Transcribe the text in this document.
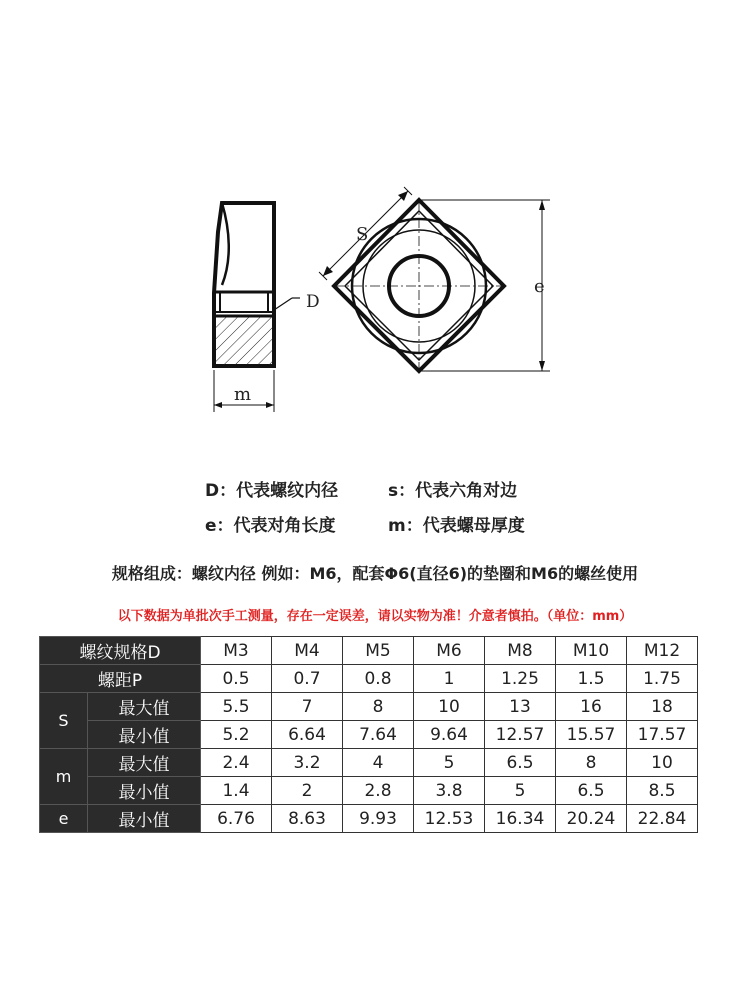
D
m
S
e
D：代表螺纹内径	s：代表六角对边
e：代表对角长度	m：代表螺母厚度
规格组成：螺纹内径 例如：M6，配套Φ6(直径6)的垫圈和M6的螺丝使用
以下数据为单批次手工测量，存在一定误差，请以实物为准！介意者慎拍。（单位：mm）
螺纹规格D		M3	M4	M5	M6	M8	M10	M12
螺距P		0.5	0.7	0.8	1	1.25	1.5	1.75
S	最大值	5.5	7	8	10	13	16	18
	最小值	5.2	6.64	7.64	9.64	12.57	15.57	17.57
m	最大值	2.4	3.2	4	5	6.5	8	10
	最小值	1.4	2	2.8	3.8	5	6.5	8.5
e	最小值	6.76	8.63	9.93	12.53	16.34	20.24	22.84
